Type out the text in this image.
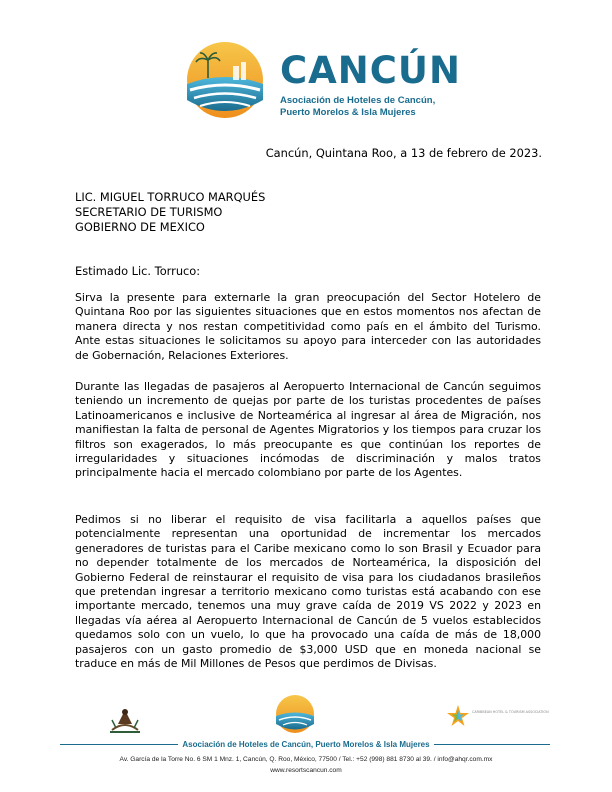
CANCÚN
Asociación de Hoteles de Cancún,
Puerto Morelos & Isla Mujeres
Cancún, Quintana Roo, a 13 de febrero de 2023.
LIC. MIGUEL TORRUCO MARQUÉS
SECRETARIO DE TURISMO
GOBIERNO DE MEXICO
Estimado Lic. Torruco:
Sirva la presente para externarle la gran preocupación del Sector Hotelero de Quintana Roo por las siguientes situaciones que en estos momentos nos afectan de manera directa y nos restan competitividad como país en el ámbito del Turismo. Ante estas situaciones le solicitamos su apoyo para interceder con las autoridades de Gobernación, Relaciones Exteriores.
Durante las llegadas de pasajeros al Aeropuerto Internacional de Cancún seguimos teniendo un incremento de quejas por parte de los turistas procedentes de países Latinoamericanos e inclusive de Norteamérica al ingresar al área de Migración, nos manifiestan la falta de personal de Agentes Migratorios y los tiempos para cruzar los filtros son exagerados, lo más preocupante es que continúan los reportes de irregularidades y situaciones incómodas de discriminación y malos tratos principalmente hacia el mercado colombiano por parte de los Agentes.
Pedimos si no liberar el requisito de visa facilitarla a aquellos países que potencialmente representan una oportunidad de incrementar los mercados generadores de turistas para el Caribe mexicano como lo son Brasil y Ecuador para no depender totalmente de los mercados de Norteamérica, la disposición del Gobierno Federal de reinstaurar el requisito de visa para los ciudadanos brasileños que pretendan ingresar a territorio mexicano como turistas está acabando con ese importante mercado, tenemos una muy grave caída de 2019 VS 2022 y 2023 en llegadas vía aérea al Aeropuerto Internacional de Cancún de 5 vuelos establecidos quedamos solo con un vuelo, lo que ha provocado una caída de más de 18,000 pasajeros con un gasto promedio de $3,000 USD que en moneda nacional se traduce en más de Mil Millones de Pesos que perdimos de Divisas.
CARIBBEAN HOTEL & TOURISM ASSOCIATION
Asociación de Hoteles de Cancún, Puerto Morelos & Isla Mujeres
Av. García de la Torre No. 6 SM 1 Mnz. 1, Cancún, Q. Roo, México, 77500 / Tel.: +52 (998) 881 8730 al 39. / info@ahqr.com.mx
www.resortscancun.com
